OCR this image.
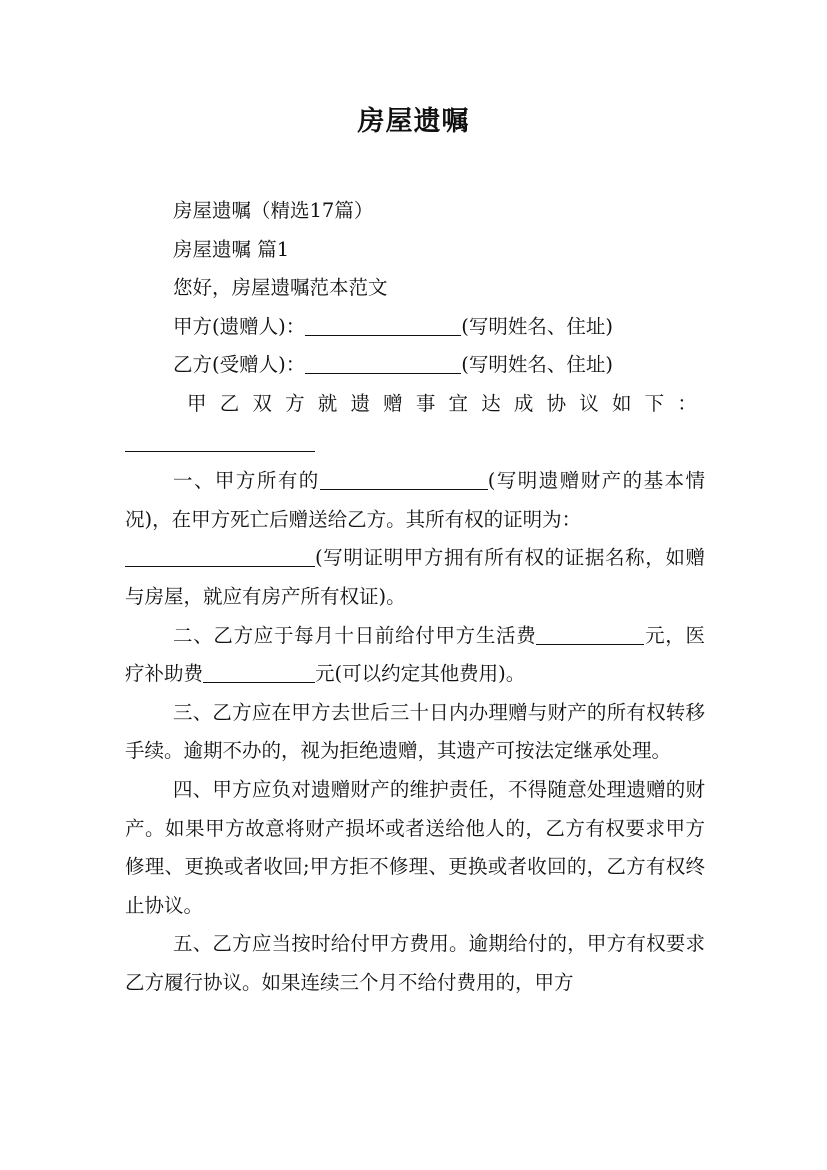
房屋遗嘱
房屋遗嘱（精选17篇）
房屋遗嘱 篇1
您好，房屋遗嘱范本范文
甲方(遗赠人)：	(写明姓名、住址)
乙方(受赠人)：	(写明姓名、住址)
甲 乙 双 方 就 遗 赠 事 宜 达 成 协 议 如 下 ：
一、甲方所有的	(写明遗赠财产的基本情况)，在甲方死亡后赠送给乙方。其所有权的证明为：
(写明证明甲方拥有所有权的证据名称，如赠与房屋，就应有房产所有权证)。
二、乙方应于每月十日前给付甲方生活费	元，医疗补助费	元(可以约定其他费用)。
三、乙方应在甲方去世后三十日内办理赠与财产的所有权转移手续。逾期不办的，视为拒绝遗赠，其遗产可按法定继承处理。
四、甲方应负对遗赠财产的维护责任，不得随意处理遗赠的财产。如果甲方故意将财产损坏或者送给他人的，乙方有权要求甲方修理、更换或者收回;甲方拒不修理、更换或者收回的，乙方有权终止协议。
五、乙方应当按时给付甲方费用。逾期给付的，甲方有权要求乙方履行协议。如果连续三个月不给付费用的，甲方
